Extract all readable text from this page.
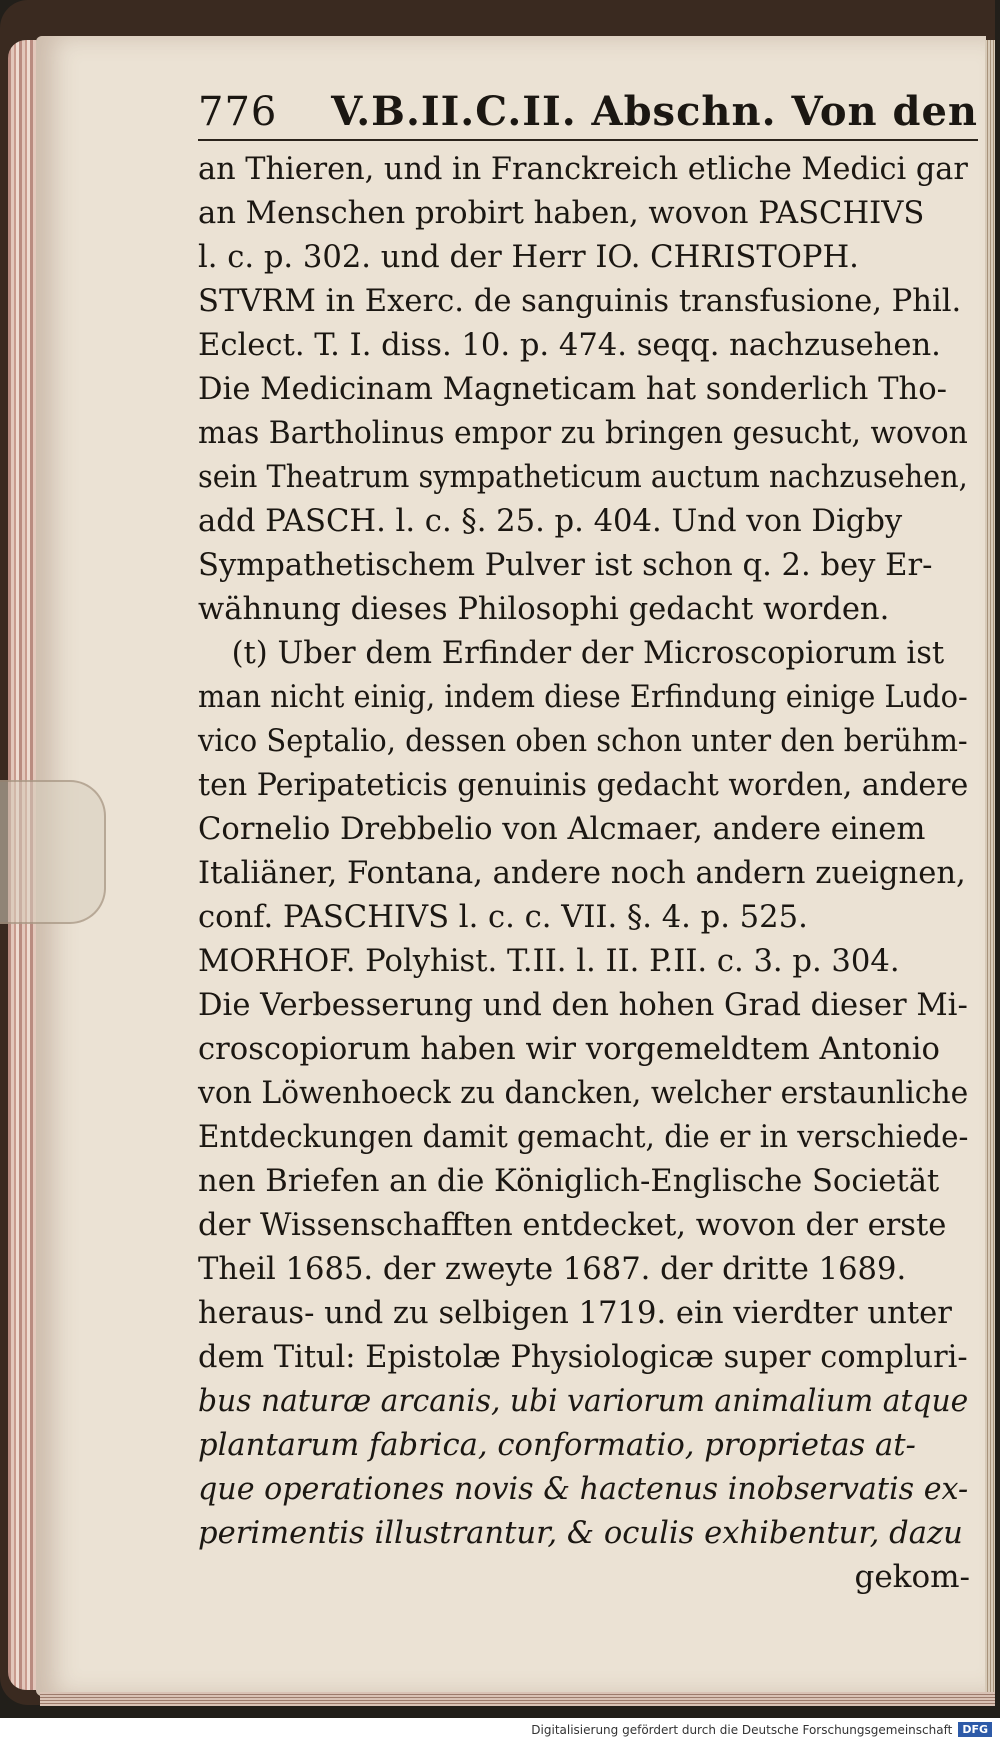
776 V.B.II.C.II. Abschn. Von den
an Thieren, und in Franckreich etliche Medici gar
an Menschen probirt haben, wovon PASCHIVS
l. c. p. 302. und der Herr IO. CHRISTOPH.
STVRM in Exerc. de sanguinis transfusione, Phil.
Eclect. T. I. diss. 10. p. 474. seqq. nachzusehen.
Die Medicinam Magneticam hat sonderlich Tho-
mas Bartholinus empor zu bringen gesucht, wovon
sein Theatrum sympatheticum auctum nachzusehen,
add PASCH. l. c. §. 25. p. 404. Und von Digby
Sympathetischem Pulver ist schon q. 2. bey Er-
wähnung dieses Philosophi gedacht worden.
(t) Uber dem Erfinder der Microscopiorum ist
man nicht einig, indem diese Erfindung einige Ludo-
vico Septalio, dessen oben schon unter den berühm-
ten Peripateticis genuinis gedacht worden, andere
Cornelio Drebbelio von Alcmaer, andere einem
Italiäner, Fontana, andere noch andern zueignen,
conf. PASCHIVS l. c. c. VII. §. 4. p. 525.
MORHOF. Polyhist. T.II. l. II. P.II. c. 3. p. 304.
Die Verbesserung und den hohen Grad dieser Mi-
croscopiorum haben wir vorgemeldtem Antonio
von Löwenhoeck zu dancken, welcher erstaunliche
Entdeckungen damit gemacht, die er in verschiede-
nen Briefen an die Königlich-Englische Societät
der Wissenschafften entdecket, wovon der erste
Theil 1685. der zweyte 1687. der dritte 1689.
heraus- und zu selbigen 1719. ein vierdter unter
dem Titul: Epistolæ Physiologicæ super compluri-
bus naturæ arcanis, ubi variorum animalium atque
plantarum fabrica, conformatio, proprietas at-
que operationes novis & hactenus inobservatis ex-
perimentis illustrantur, & oculis exhibentur, dazu
gekom-
Digitalisierung gefördert durch die Deutsche Forschungsgemeinschaft DFG
